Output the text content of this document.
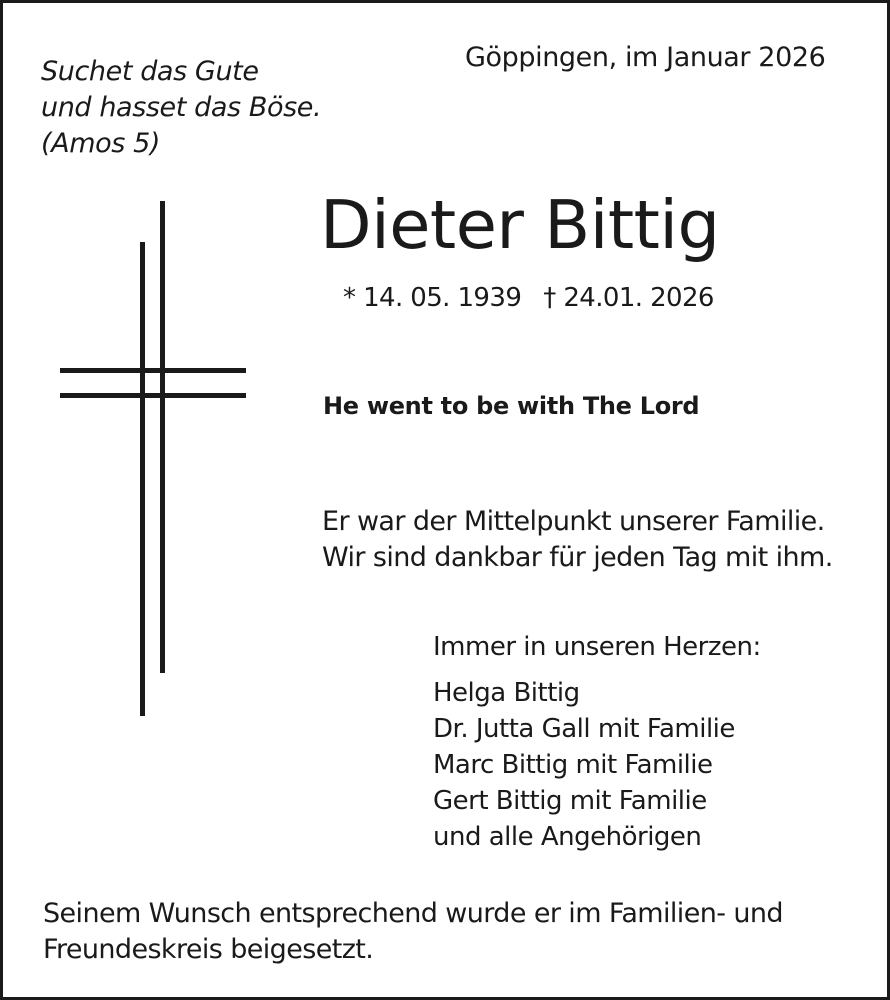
Suchet das Gute
und hasset das Böse.
(Amos 5)
Göppingen, im Januar 2026
Dieter Bittig
* 14. 05. 1939 † 24.01. 2026
He went to be with The Lord
Er war der Mittelpunkt unserer Familie.
Wir sind dankbar für jeden Tag mit ihm.
Immer in unseren Herzen:
Helga Bittig
Dr. Jutta Gall mit Familie
Marc Bittig mit Familie
Gert Bittig mit Familie
und alle Angehörigen
Seinem Wunsch entsprechend wurde er im Familien- und
Freundeskreis beigesetzt.
